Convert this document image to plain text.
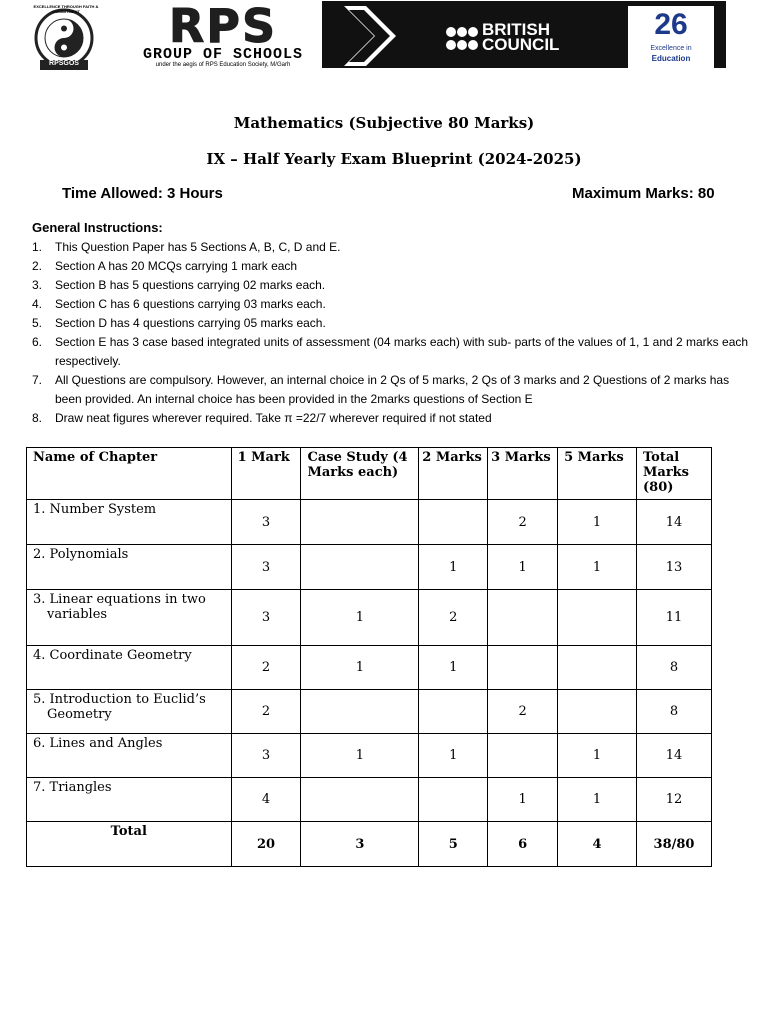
RPSGOS
EXCELLENCE THROUGH FAITH & COMMITMENT	RPS
GROUP OF SCHOOLS
under the aegis of RPS Education Society, M/Garh
BRITISH
COUNCIL
26
Excellence in
Education
Mathematics (Subjective 80 Marks)
IX – Half Yearly Exam Blueprint (2024-2025)
Time Allowed: 3 Hours	Maximum Marks: 80
General Instructions:
1. This Question Paper has 5 Sections A, B, C, D and E.
2. Section A has 20 MCQs carrying 1 mark each
3. Section B has 5 questions carrying 02 marks each.
4. Section C has 6 questions carrying 03 marks each.
5. Section D has 4 questions carrying 05 marks each.
6. Section E has 3 case based integrated units of assessment (04 marks each) with sub- parts of the values of 1, 1 and 2 marks each respectively.
7. All Questions are compulsory. However, an internal choice in 2 Qs of 5 marks, 2 Qs of 3 marks and 2 Questions of 2 marks has been provided. An internal choice has been provided in the 2marks questions of Section E
8. Draw neat figures wherever required. Take π =22/7 wherever required if not stated
Name of Chapter	1 Mark	Case Study (4 Marks each)	2 Marks	3 Marks	5 Marks	Total Marks (80)
1. Number System	3			2	1	14
2. Polynomials	3		1	1	1	13
3. Linear equations in two
variables	3	1	2			11
4. Coordinate Geometry	2	1	1			8
5. Introduction to Euclid’s
Geometry	2			2		8
6. Lines and Angles	3	1	1		1	14
7. Triangles	4			1	1	12
Total	20	3	5	6	4	38/80
